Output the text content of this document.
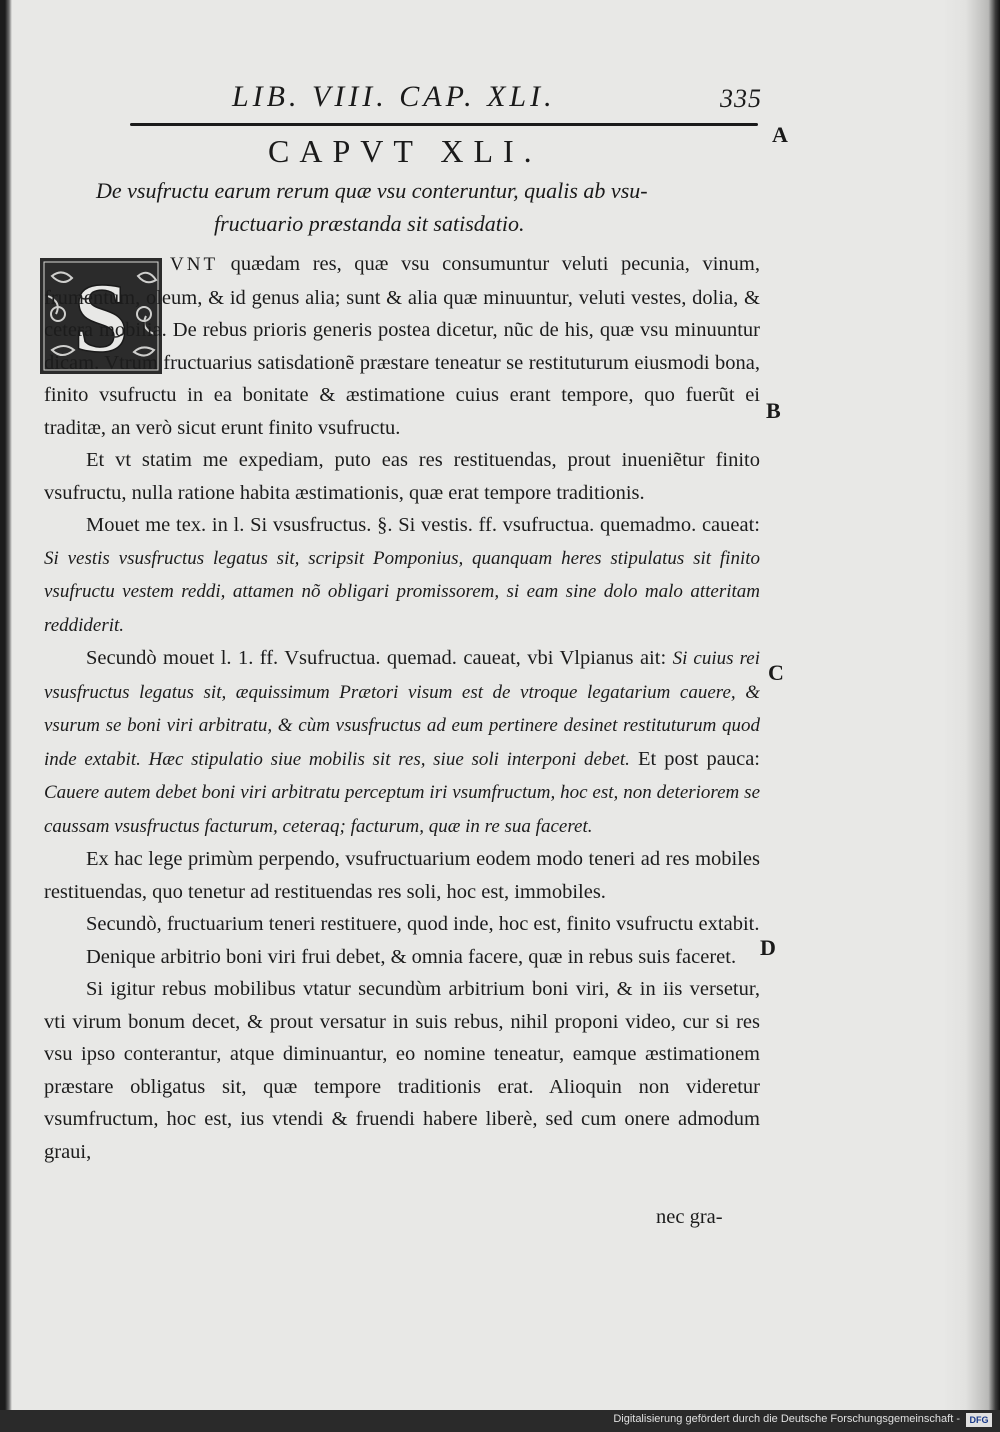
LIB. VIII. CAP. XLI.	335
A
B
C
D
CAPVT XLI.
De vsufructu earum rerum quæ vsu conteruntur, qualis ab vsu-
fructuario præstanda sit satisdatio.
S	VNT quædam res, quæ vsu consumuntur veluti pecunia, vinum, frumentum, oleum, & id genus alia; sunt & alia quæ minuuntur, veluti vestes, dolia, & cetera mobilia. De rebus prioris generis postea dicetur, nũc de his, quæ vsu minuuntur dicam. Vtrum fructuarius satisdationẽ præstare teneatur se restituturum eiusmodi bona, finito vsufructu in ea bonitate & æstimatione cuius erant tempore, quo fuerũt ei traditæ, an verò sicut erunt finito vsufructu.

Et vt statim me expediam, puto eas res restituendas, prout inueniẽtur finito vsufructu, nulla ratione habita æstimationis, quæ erat tempore traditionis.

Mouet me tex. in l. Si vsusfructus. §. Si vestis. ff. vsufructua. quemadmo. caueat: Si vestis vsusfructus legatus sit, scripsit Pomponius, quanquam heres stipulatus sit finito vsufructu vestem reddi, attamen nõ obligari promissorem, si eam sine dolo malo atteritam reddiderit.

Secundò mouet l. 1. ff. Vsufructua. quemad. caueat, vbi Vlpianus ait: Si cuius rei vsusfructus legatus sit, æquissimum Prætori visum est de vtroque legatarium cauere, & vsurum se boni viri arbitratu, & cùm vsusfructus ad eum pertinere desinet restituturum quod inde extabit. Hæc stipulatio siue mobilis sit res, siue soli interponi debet. Et post pauca: Cauere autem debet boni viri arbitratu perceptum iri vsumfructum, hoc est, non deteriorem se caussam vsusfructus facturum, ceteraq; facturum, quæ in re sua faceret.

Ex hac lege primùm perpendo, vsufructuarium eodem modo teneri ad res mobiles restituendas, quo tenetur ad restituendas res soli, hoc est, immobiles.

Secundò, fructuarium teneri restituere, quod inde, hoc est, finito vsufructu extabit.

Denique arbitrio boni viri frui debet, & omnia facere, quæ in rebus suis faceret.

Si igitur rebus mobilibus vtatur secundùm arbitrium boni viri, & in iis versetur, vti virum bonum decet, & prout versatur in suis rebus, nihil proponi video, cur si res vsu ipso conterantur, atque diminuantur, eo nomine teneatur, eamque æstimationem præstare obligatus sit, quæ tempore traditionis erat. Alioquin non videretur vsumfructum, hoc est, ius vtendi & fruendi habere liberè, sed cum onere admodum graui,

nec gra-
Digitalisierung gefördert durch die Deutsche Forschungsgemeinschaft -	DFG
